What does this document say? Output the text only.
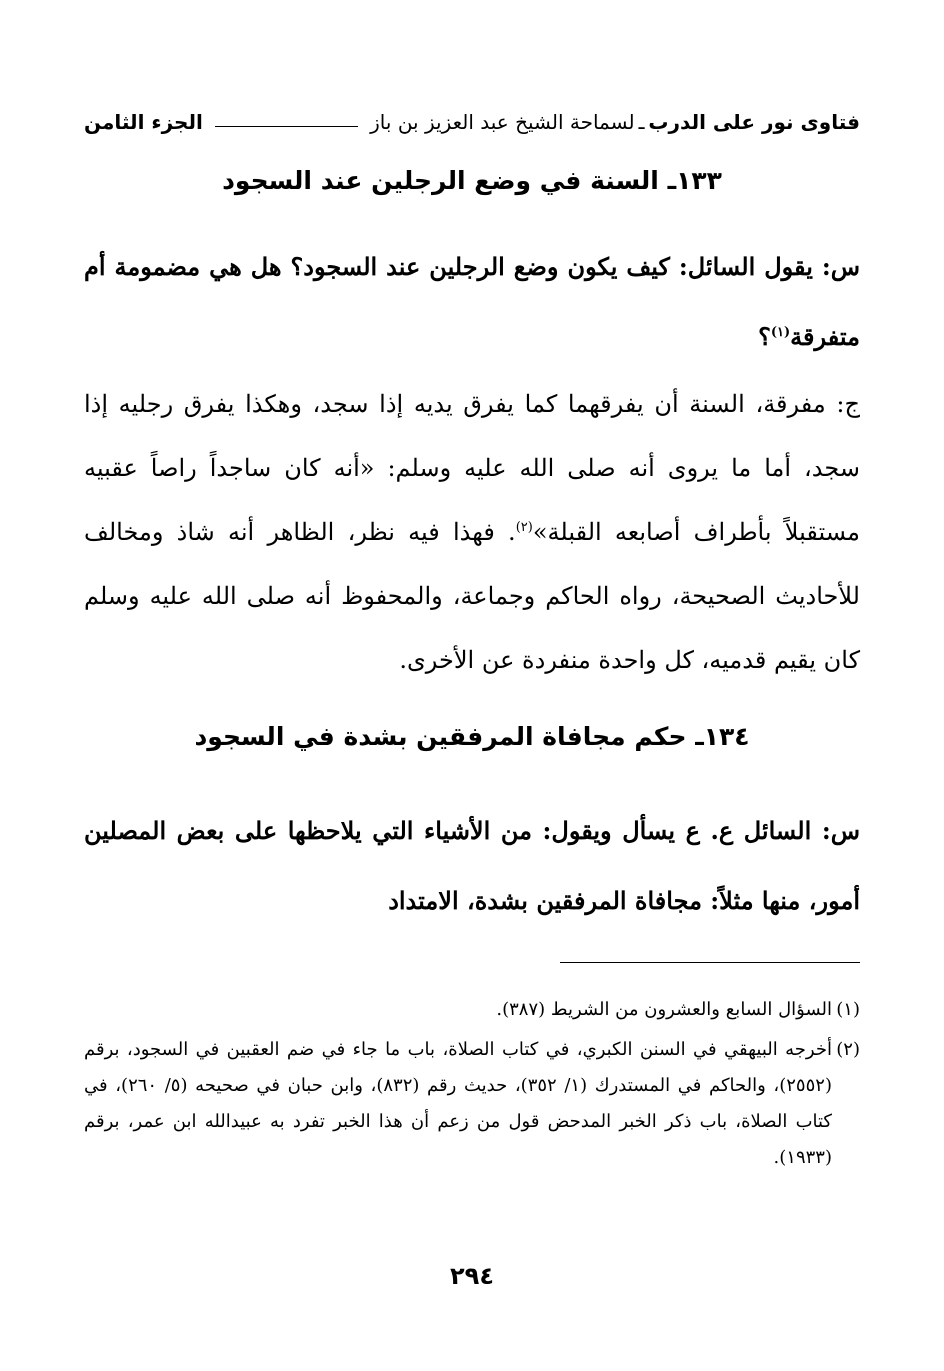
فتاوى نور على الدرب
ـ
لسماحة الشيخ عبد العزيز بن باز
الجزء الثامن
١٣٣ـ السنة في وضع الرجلين عند السجود

س: يقول السائل: كيف يكون وضع الرجلين عند السجود؟ هل هي مضمومة أم متفرقة$^{(١)}$؟

ج: مفرقة، السنة أن يفرقهما كما يفرق يديه إذا سجد، وهكذا يفرق رجليه إذا سجد، أما ما يروى أنه صلى الله عليه وسلم: «أنه كان ساجداً راصاً عقبيه مستقبلاً بأطراف أصابعه القبلة»$^{(٢)}$. فهذا فيه نظر، الظاهر أنه شاذ ومخالف للأحاديث الصحيحة، رواه الحاكم وجماعة، والمحفوظ أنه صلى الله عليه وسلم كان يقيم قدميه، كل واحدة منفردة عن الأخرى.

١٣٤ـ حكم مجافاة المرفقين بشدة في السجود

س: السائل ع. ع يسأل ويقول: من الأشياء التي يلاحظها على بعض المصلين أمور، منها مثلاً: مجافاة المرفقين بشدة، الامتداد

(١)
السؤال السابع والعشرون من الشريط (٣٨٧).
(٢)
أخرجه البيهقي في السنن الكبري، في كتاب الصلاة، باب ما جاء في ضم العقبين في السجود، برقم (٢٥٥٢)، والحاكم في المستدرك (١/ ٣٥٢)، حديث رقم (٨٣٢)، وابن حبان في صحيحه (٥/ ٢٦٠)، في كتاب الصلاة، باب ذكر الخبر المدحض قول من زعم أن هذا الخبر تفرد به عبيدالله ابن عمر، برقم (١٩٣٣).
٢٩٤
